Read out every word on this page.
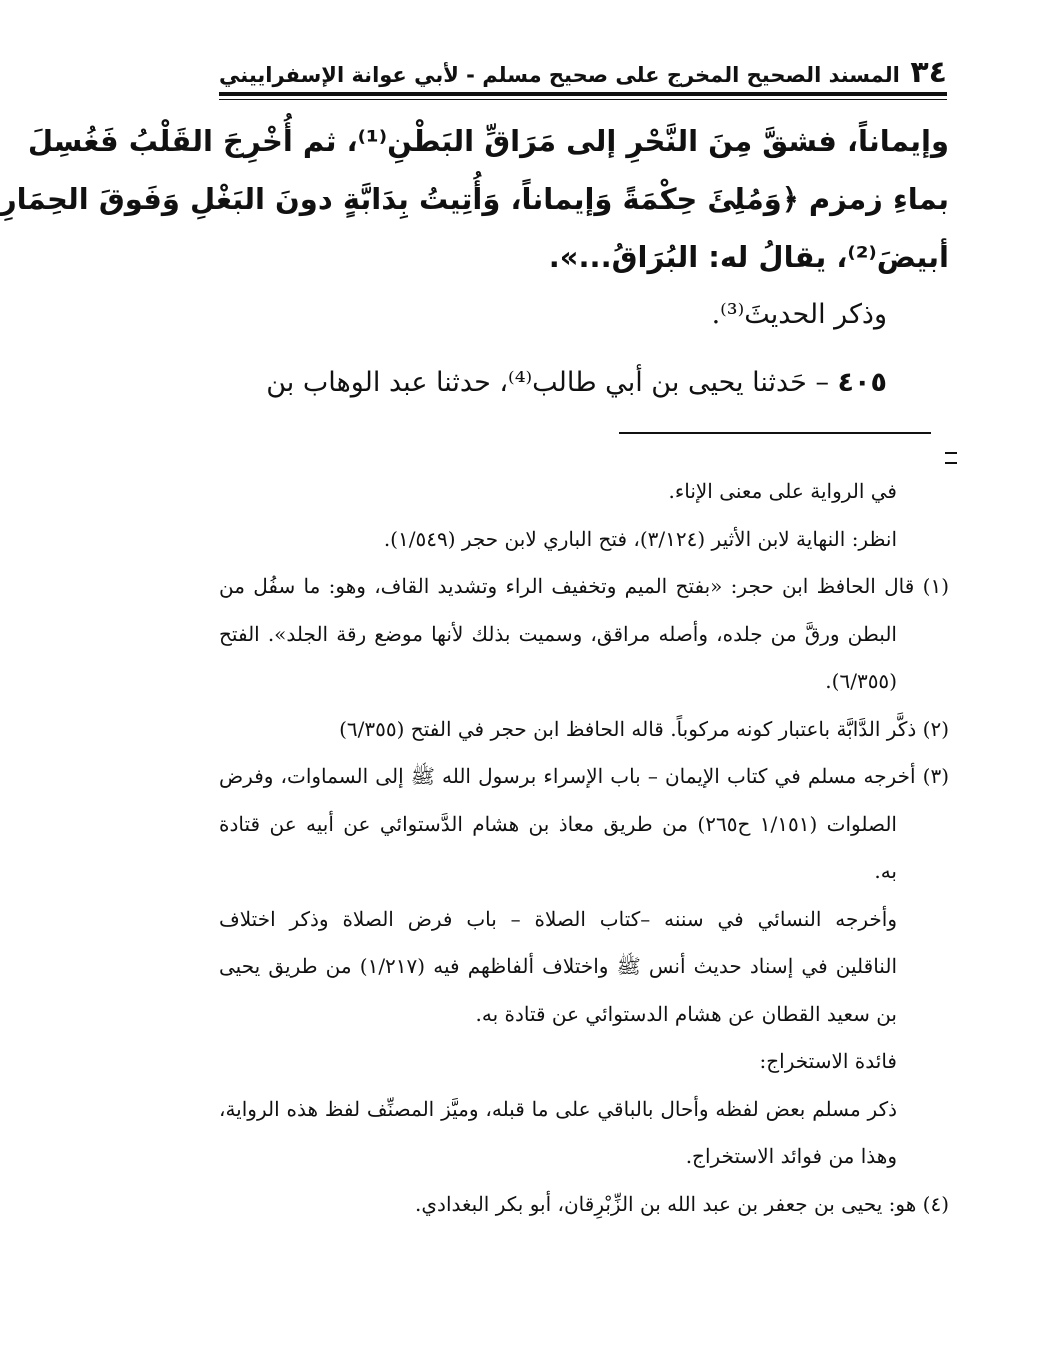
٣٤
المسند الصحيح المخرج على صحيح مسلم - لأبي عوانة الإسفراييني
وإيماناً، فشقَّ مِنَ النَّحْرِ إلى مَرَاقِّ البَطْنِ⁽¹⁾، ثم أُخْرِجَ القَلْبُ فَغُسِلَ
بماءِ زمزم ﴿وَمُلِئَ حِكْمَةً وَإيماناً، وَأُتِيتُ بِدَابَّةٍ دونَ البَغْلِ وَفَوقَ الحِمَارِ
أبيضَ⁽²⁾، يقالُ له: البُرَاقُ...».
وذكر الحديثَ⁽³⁾.
٤٠٥ – حَدثنا يحيى بن أبي طالب⁽⁴⁾، حدثنا عبد الوهاب بن
في الرواية على معنى الإناء.
انظر: النهاية لابن الأثير (٣/١٢٤)، فتح الباري لابن حجر (١/٥٤٩).
(١) قال الحافظ ابن حجر: «بفتح الميم وتخفيف الراء وتشديد القاف، وهو: ما سفُل من
البطن ورقَّ من جلده، وأصله مراقق، وسميت بذلك لأنها موضع رقة الجلد». الفتح
(٦/٣٥٥).
(٢) ذكَّر الدَّابَّة باعتبار كونه مركوباً. قاله الحافظ ابن حجر في الفتح (٦/٣٥٥)
(٣) أخرجه مسلم في كتاب الإيمان – باب الإسراء برسول الله ﷺ إلى السماوات، وفرض
الصلوات (١/١٥١ ح٢٦٥) من طريق معاذ بن هشام الدَّستوائي عن أبيه عن قتادة
به.
وأخرجه النسائي في سننه –كتاب الصلاة – باب فرض الصلاة وذكر اختلاف
الناقلين في إسناد حديث أنس ﷺ واختلاف ألفاظهم فيه (١/٢١٧) من طريق يحيى
بن سعيد القطان عن هشام الدستوائي عن قتادة به.
فائدة الاستخراج:
ذكر مسلم بعض لفظه وأحال بالباقي على ما قبله، وميَّز المصنِّف لفظ هذه الرواية،
وهذا من فوائد الاستخراج.
(٤) هو: يحيى بن جعفر بن عبد الله بن الزِّبْرِقان، أبو بكر البغدادي.
